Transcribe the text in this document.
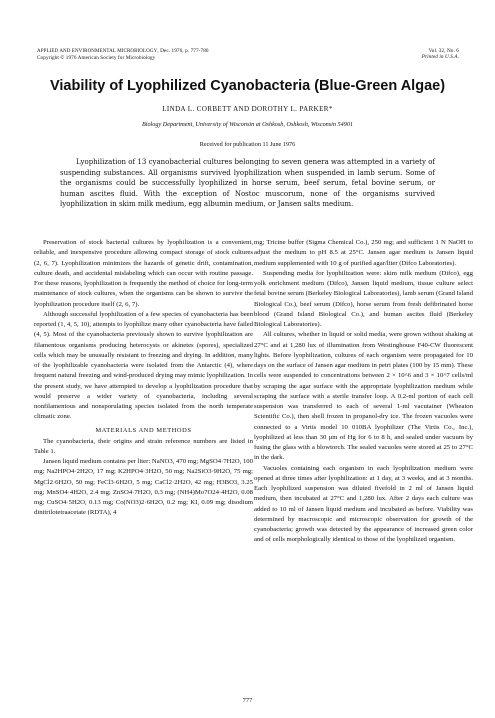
APPLIED AND ENVIRONMENTAL MICROBIOLOGY, Dec. 1976, p. 777-780
Copyright © 1976 American Society for Microbiology
Vol. 32, No. 6
Printed in U.S.A.
Viability of Lyophilized Cyanobacteria (Blue-Green Algae)
LINDA L. CORBETT AND DOROTHY L. PARKER*
Biology Department, University of Wisconsin at Oshkosh, Oshkosh, Wisconsin 54901
Received for publication 11 June 1976

Lyophilization of 13 cyanobacterial cultures belonging to seven genera was attempted in a variety of suspending substances. All organisms survived lyophilization when suspended in lamb serum. Some of the organisms could be successfully lyophilized in horse serum, beef serum, fetal bovine serum, or human ascites fluid. With the exception of Nostoc muscorum, none of the organisms survived lyophilization in skim milk medium, egg albumin medium, or Jansen salts medium.

Preservation of stock bacterial cultures by lyophilization is a convenient, reliable, and inexpensive procedure allowing compact storage of stock cultures (2, 6, 7). Lyophilization minimizes the hazards of genetic drift, contamination, culture death, and accidental mislabeling which can occur with routine passage. For these reasons, lyophilization is frequently the method of choice for long-term maintenance of stock cultures, when the organisms can be shown to survive the lyophilization procedure itself (2, 6, 7).

Although successful lyophilization of a few species of cyanobacteria has been reported (1, 4, 5, 10), attempts to lyophilize many other cyanobacteria have failed (4, 5). Most of the cyanobacteria previously shown to survive lyophilization are filamentous organisms producing heterocysts or akinetes (spores), specialized cells which may be unusually resistant to freezing and drying. In addition, many of the lyophilizable cyanobacteria were isolated from the Antarctic (4), where frequent natural freezing and wind-produced drying may mimic lyophilization. In the present study, we have attempted to develop a lyophilization procedure that would preserve a wider variety of cyanobacteria, including several nonfilamentous and nonsporulating species isolated from the north temperate climatic zone.

MATERIALS AND METHODS

The cyanobacteria, their origins and strain reference numbers are listed in Table 1.

Jansen liquid medium contains per liter: NaNO3, 470 mg; MgSO4·7H2O, 100 mg; Na2HPO4·2H2O, 17 mg; K2HPO4·3H2O, 50 mg; Na2SiO3·9H2O, 75 mg; MgCl2·6H2O, 50 mg; FeCl3·6H2O, 5 mg; CaCl2·2H2O, 42 mg; H3BO3, 3.25 mg; MnSO4·4H2O, 2.4 mg; ZnSO4·7H2O, 0.3 mg; (NH4)Mo7O24·4H2O, 0.08 mg; CuSO4·5H2O, 0.13 mg; Co(NO3)2·6H2O, 0.2 mg; KI, 0.09 mg; disodium dinitrilotetraacetate (RDTA), 4

mg; Tricine buffer (Sigma Chemical Co.), 250 mg; and sufficient 1 N NaOH to adjust the medium to pH 8.5 at 25°C. Jansen agar medium is Jansen liquid medium supplemented with 10 g of purified agar/liter (Difco Laboratories).

Suspending media for lyophilization were: skim milk medium (Difco), egg yolk enrichment medium (Difco), Jansen liquid medium, tissue culture select fetal bovine serum (Berkeley Biological Laboratories), lamb serum (Grand Island Biological Co.), beef serum (Difco), horse serum from fresh defibrinated horse blood (Grand Island Biological Co.), and human ascites fluid (Berkeley Biological Laboratories).

All cultures, whether in liquid or solid media, were grown without shaking at 27°C and at 1,280 lux of illumination from Westinghouse F40-CW fluorescent lights. Before lyophilization, cultures of each organism were propagated for 10 days on the surface of Jansen agar medium in petri plates (100 by 15 mm). These cells were suspended to concentrations between 2 × 10^6 and 3 × 10^7 cells/ml by scraping the agar surface with the appropriate lyophilization medium while scraping the surface with a sterile transfer loop. A 0.2-ml portion of each cell suspension was transferred to each of several 1-ml vacutainer (Wheaton Scientific Co.), then shell frozen in propanol-dry ice. The frozen vacuoles were connected to a Virtis model 10 010BA lyophilizer (The Virtis Co., Inc.), lyophilized at less than 30 μm of Hg for 6 to 8 h, and sealed under vacuum by fusing the glass with a blowtorch. The sealed vacuoles were stored at 25 to 27°C in the dark.

Vacuoles containing each organism in each lyophilization medium were opened at three times after lyophilization: at 1 day, at 3 weeks, and at 3 months. Each lyophilized suspension was diluted fivefold in 2 ml of Jansen liquid medium, then incubated at 27°C and 1,280 lux. After 2 days each culture was added to 10 ml of Jansen liquid medium and incubated as before. Viability was determined by macroscopic and microscopic observation for growth of the cyanobacteria; growth was detected by the appearance of increased green color and of cells morphologically identical to those of the lyophilized organism.

777
